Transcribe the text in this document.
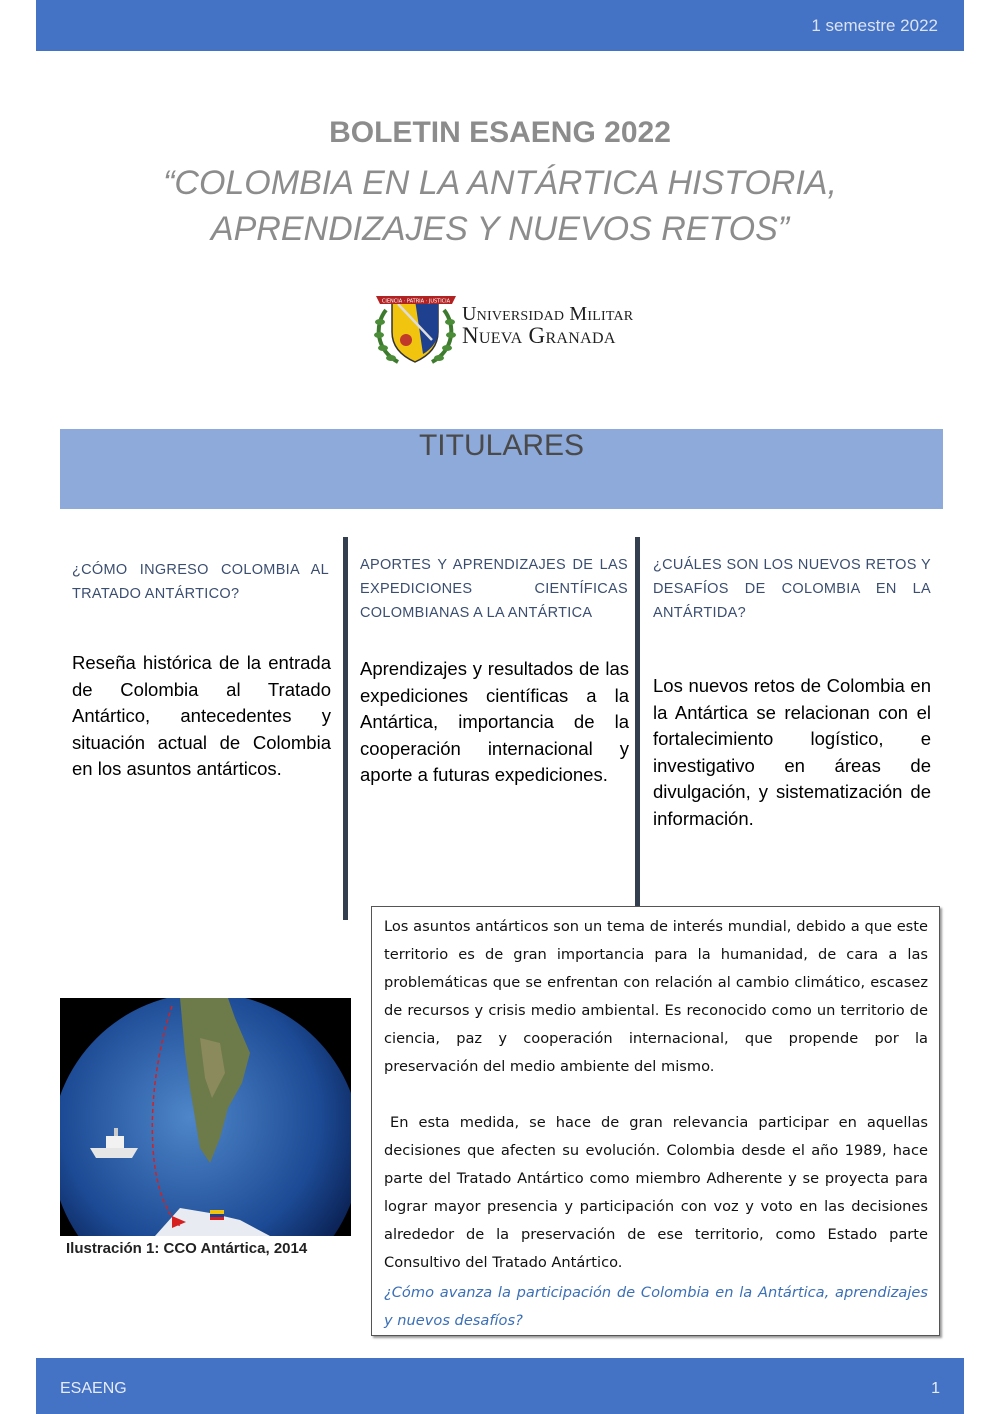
1 semestre 2022
BOLETIN ESAENG 2022
“COLOMBIA EN LA ANTÁRTICA HISTORIA,
APRENDIZAJES Y NUEVOS RETOS”
CIENCIA · PATRIA · JUSTICIA
Universidad Militar
Nueva Granada
TITULARES
¿CÓMO INGRESO COLOMBIA AL TRATADO ANTÁRTICO?
Reseña histórica de la entrada de Colombia al Tratado Antártico, antecedentes y situación actual de Colombia en los asuntos antárticos.
APORTES Y APRENDIZAJES DE LAS EXPEDICIONES CIENTÍFICAS COLOMBIANAS A LA ANTÁRTICA
Aprendizajes y resultados de las expediciones científicas a la Antártica, importancia de la cooperación internacional y aporte a futuras expediciones.
¿CUÁLES SON LOS NUEVOS RETOS Y DESAFÍOS DE COLOMBIA EN LA ANTÁRTIDA?
Los nuevos retos de Colombia en la Antártica se relacionan con el fortalecimiento logístico, e investigativo en áreas de divulgación, y sistematización de información.
Ilustración 1: CCO Antártica, 2014

Los asuntos antárticos son un tema de interés mundial, debido a que este territorio es de gran importancia para la humanidad, de cara a las problemáticas que se enfrentan con relación al cambio climático, escasez de recursos y crisis medio ambiental. Es reconocido como un territorio de ciencia, paz y cooperación internacional, que propende por la preservación del medio ambiente del mismo.

En esta medida, se hace de gran relevancia participar en aquellas decisiones que afecten su evolución. Colombia desde el año 1989, hace parte del Tratado Antártico como miembro Adherente y se proyecta para lograr mayor presencia y participación con voz y voto en las decisiones alrededor de la preservación de ese territorio, como Estado parte Consultivo del Tratado Antártico.

¿Cómo avanza la participación de Colombia en la Antártica, aprendizajes y nuevos desafíos?

ESAENG	1
